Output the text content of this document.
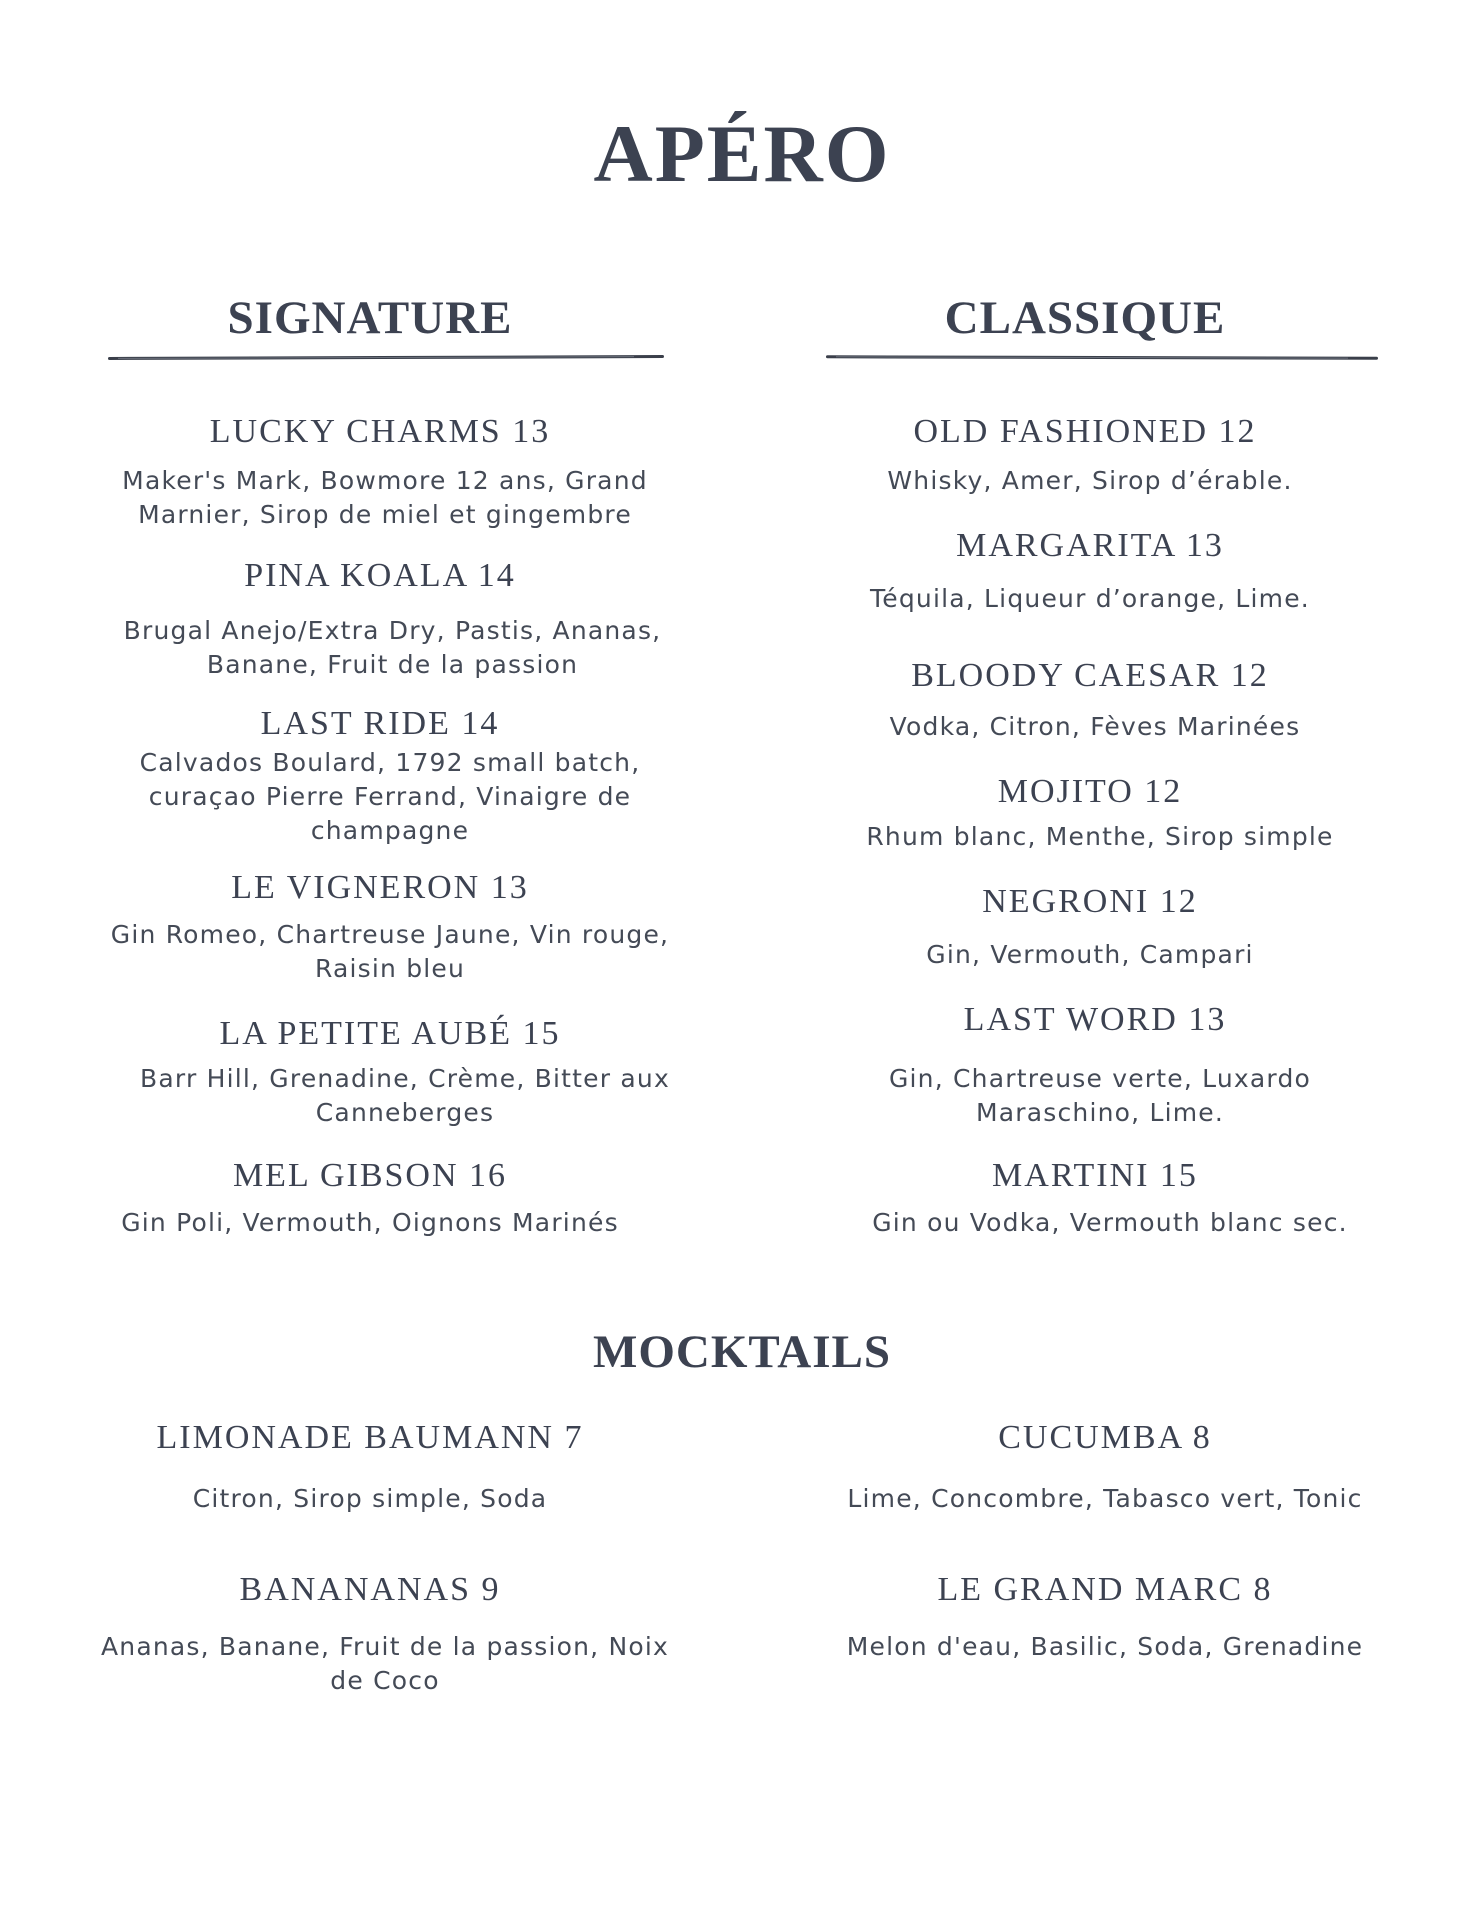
APÉRO
SIGNATURE
LUCKY CHARMS 13
Maker's Mark, Bowmore 12 ans, Grand Marnier, Sirop de miel et gingembre
PINA KOALA 14
Brugal Anejo/Extra Dry, Pastis, Ananas, Banane, Fruit de la passion
LAST RIDE 14
Calvados Boulard, 1792 small batch, curaçao Pierre Ferrand, Vinaigre de champagne
LE VIGNERON 13
Gin Romeo, Chartreuse Jaune, Vin rouge, Raisin bleu
LA PETITE AUBÉ 15
Barr Hill, Grenadine, Crème, Bitter aux Canneberges
MEL GIBSON 16
Gin Poli, Vermouth, Oignons Marinés
CLASSIQUE
OLD FASHIONED 12
Whisky, Amer, Sirop d’érable.
MARGARITA 13
Téquila, Liqueur d’orange, Lime.
BLOODY CAESAR 12
Vodka, Citron, Fèves Marinées
MOJITO 12
Rhum blanc, Menthe, Sirop simple
NEGRONI 12
Gin, Vermouth, Campari
LAST WORD 13
Gin, Chartreuse verte, Luxardo Maraschino, Lime.
MARTINI 15
Gin ou Vodka, Vermouth blanc sec.
MOCKTAILS
LIMONADE BAUMANN 7
Citron, Sirop simple, Soda
CUCUMBA 8
Lime, Concombre, Tabasco vert, Tonic
BANANANAS 9
Ananas, Banane, Fruit de la passion, Noix de Coco
LE GRAND MARC 8
Melon d'eau, Basilic, Soda, Grenadine
